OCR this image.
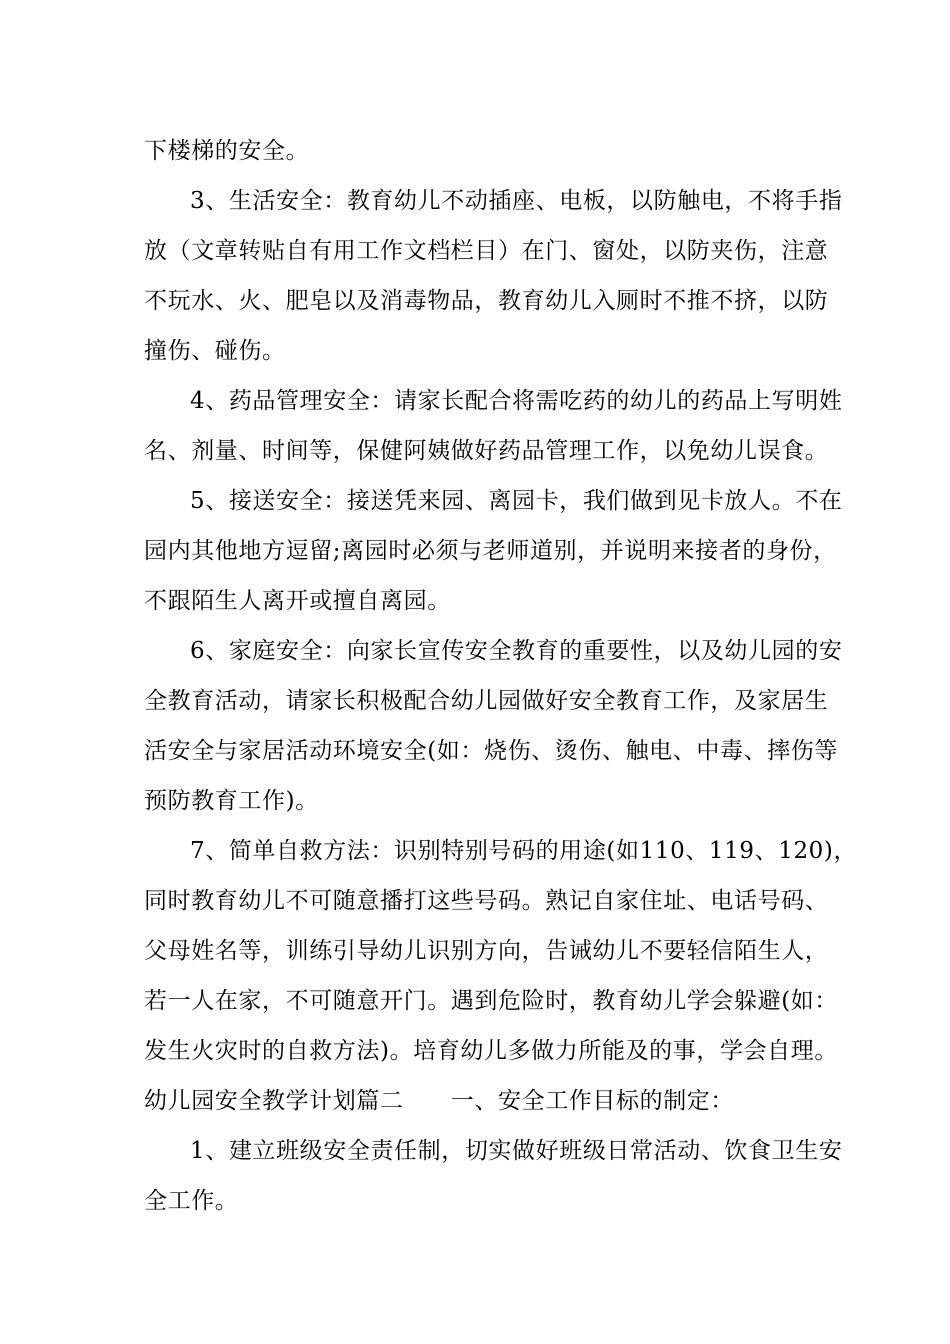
下楼梯的安全。
3、生活安全：教育幼儿不动插座、电板，以防触电，不将手指
放（文章转贴自有用工作文档栏目）在门、窗处，以防夹伤，注意
不玩水、火、肥皂以及消毒物品，教育幼儿入厕时不推不挤，以防
撞伤、碰伤。
4、药品管理安全：请家长配合将需吃药的幼儿的药品上写明姓
名、剂量、时间等，保健阿姨做好药品管理工作，以免幼儿误食。
5、接送安全：接送凭来园、离园卡，我们做到见卡放人。不在
园内其他地方逗留;离园时必须与老师道别，并说明来接者的身份，
不跟陌生人离开或擅自离园。
6、家庭安全：向家长宣传安全教育的重要性，以及幼儿园的安
全教育活动，请家长积极配合幼儿园做好安全教育工作，及家居生
活安全与家居活动环境安全(如：烧伤、烫伤、触电、中毒、摔伤等
预防教育工作)。
7、简单自救方法：识别特别号码的用途(如110、119、120)，
同时教育幼儿不可随意播打这些号码。熟记自家住址、电话号码、
父母姓名等，训练引导幼儿识别方向，告诫幼儿不要轻信陌生人，
若一人在家，不可随意开门。遇到危险时，教育幼儿学会躲避(如：
发生火灾时的自救方法)。培育幼儿多做力所能及的事，学会自理。
幼儿园安全教学计划篇二　　一、安全工作目标的制定：
1、建立班级安全责任制，切实做好班级日常活动、饮食卫生安
全工作。
